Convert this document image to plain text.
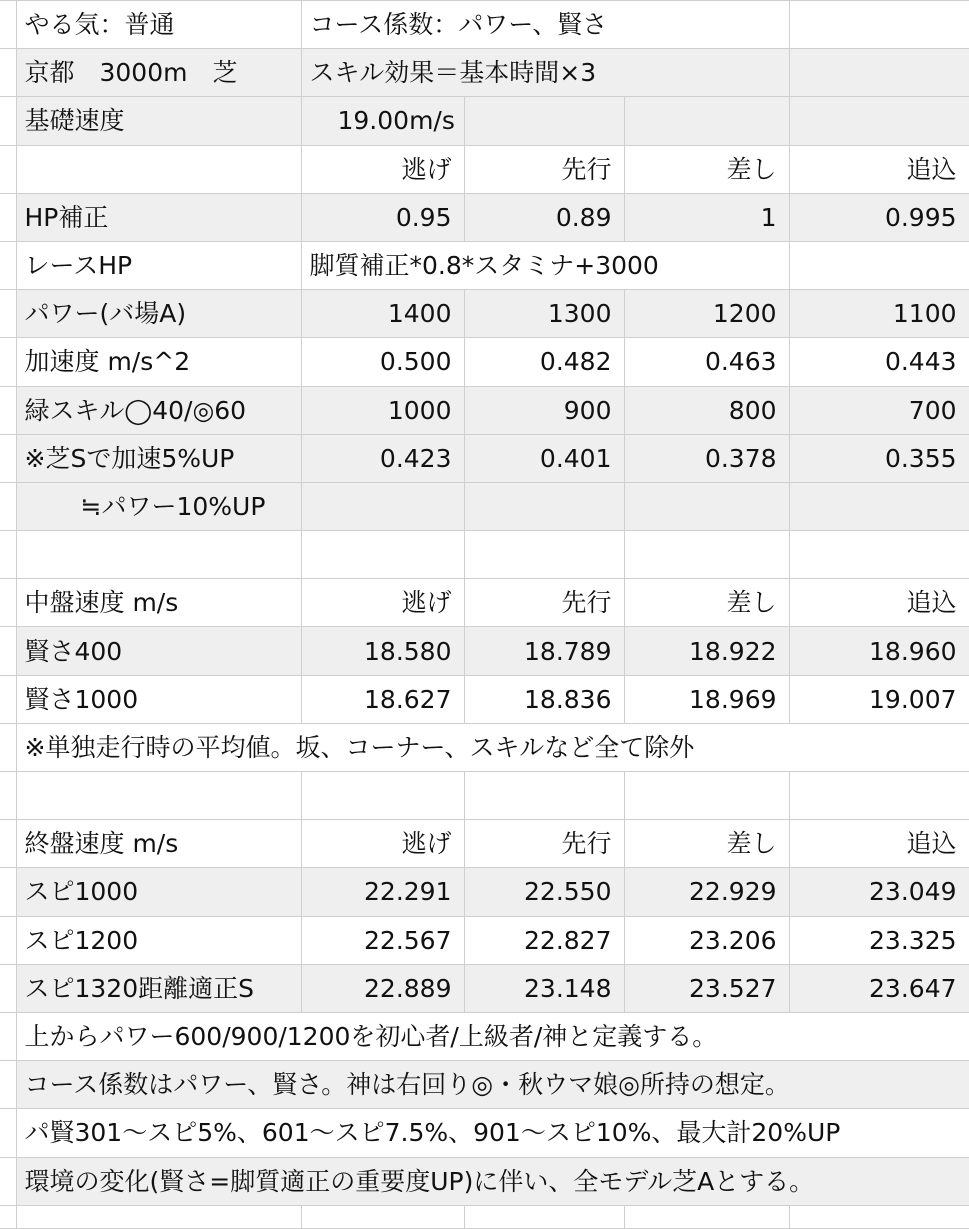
	やる気：普通	コース係数：パワー、賢さ			
	京都　3000m　芝	スキル効果＝基本時間×3			
	基礎速度	19.00m/s			
		逃げ	先行	差し	追込
	HP補正	0.95	0.89	1	0.995
	レースHP	脚質補正*0.8*スタミナ+3000			
	パワー(バ場A)	1400	1300	1200	1100
	加速度 m/s^2	0.500	0.482	0.463	0.443
	緑スキル◯40/◎60	1000	900	800	700
	※芝Sで加速5%UP	0.423	0.401	0.378	0.355
	≒パワー10%UP				

	中盤速度 m/s	逃げ	先行	差し	追込
	賢さ400	18.580	18.789	18.922	18.960
	賢さ1000	18.627	18.836	18.969	19.007
	※単独走行時の平均値。坂、コーナー、スキルなど全て除外				

	終盤速度 m/s	逃げ	先行	差し	追込
	スピ1000	22.291	22.550	22.929	23.049
	スピ1200	22.567	22.827	23.206	23.325
	スピ1320距離適正S	22.889	23.148	23.527	23.647
	上からパワー600/900/1200を初心者/上級者/神と定義する。				
	コース係数はパワー、賢さ。神は右回り◎・秋ウマ娘◎所持の想定。				
	パ賢301〜スピ5%、601〜スピ7.5%、901〜スピ10%、最大計20%UP				
	環境の変化(賢さ=脚質適正の重要度UP)に伴い、全モデル芝Aとする。				
